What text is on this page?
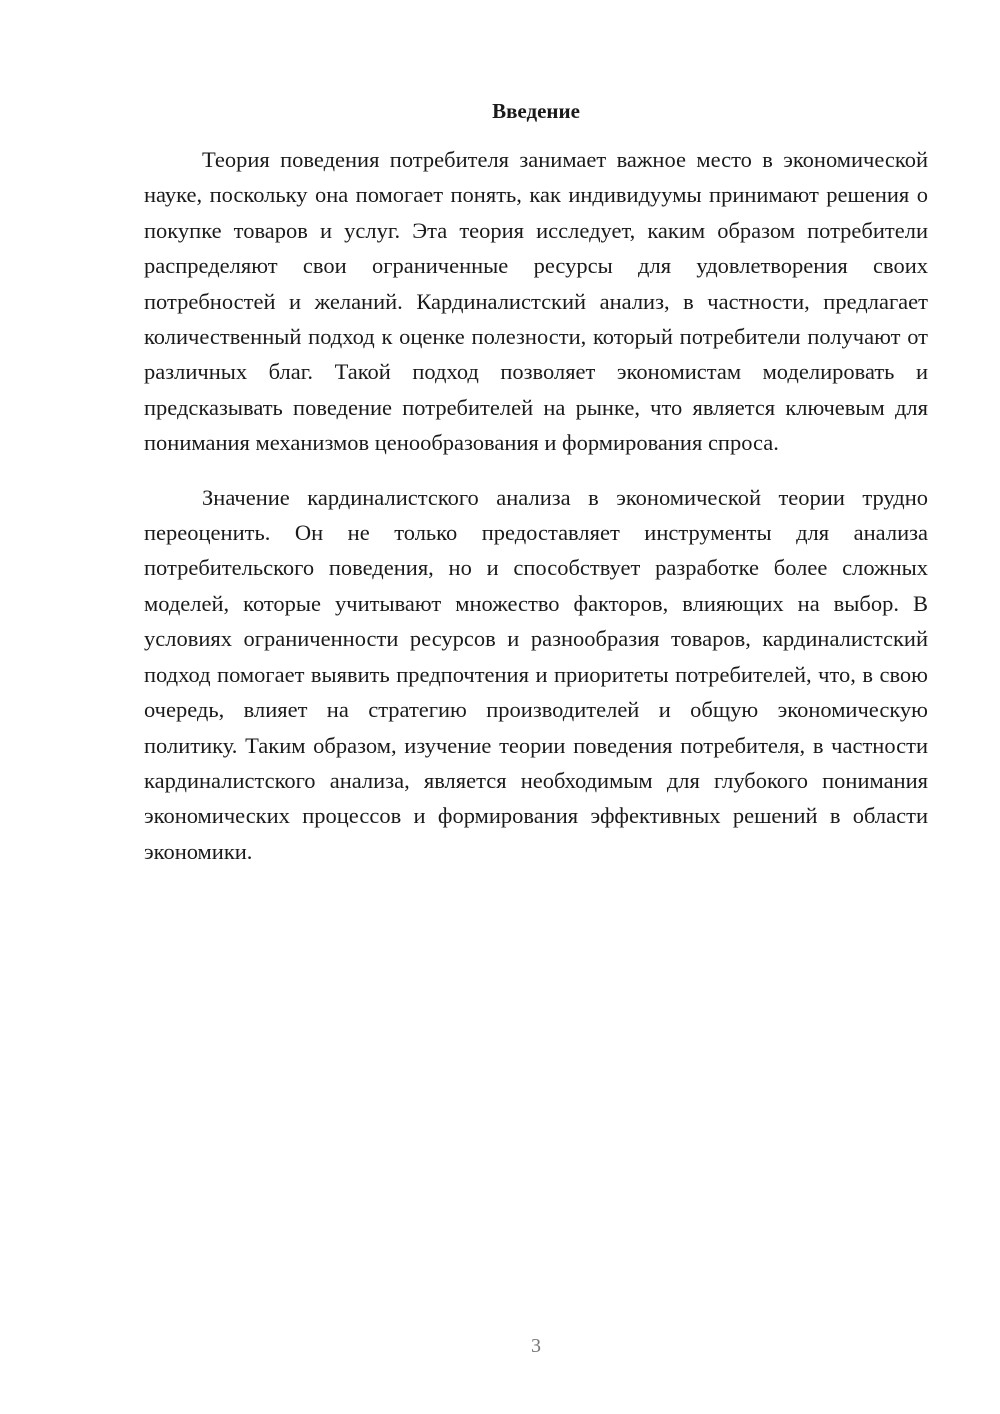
Введение

Теория поведения потребителя занимает важное место в экономической науке, поскольку она помогает понять, как индивидуумы принимают решения о покупке товаров и услуг. Эта теория исследует, каким образом потребители распределяют свои ограниченные ресурсы для удовлетворения своих потребностей и желаний. Кардиналистский анализ, в частности, предлагает количественный подход к оценке полезности, который потребители получают от различных благ. Такой подход позволяет экономистам моделировать и предсказывать поведение потребителей на рынке, что является ключевым для понимания механизмов ценообразования и формирования спроса.

Значение кардиналистского анализа в экономической теории трудно переоценить. Он не только предоставляет инструменты для анализа потребительского поведения, но и способствует разработке более сложных моделей, которые учитывают множество факторов, влияющих на выбор. В условиях ограниченности ресурсов и разнообразия товаров, кардиналистский подход помогает выявить предпочтения и приоритеты потребителей, что, в свою очередь, влияет на стратегию производителей и общую экономическую политику. Таким образом, изучение теории поведения потребителя, в частности кардиналистского анализа, является необходимым для глубокого понимания экономических процессов и формирования эффективных решений в области экономики.

3
